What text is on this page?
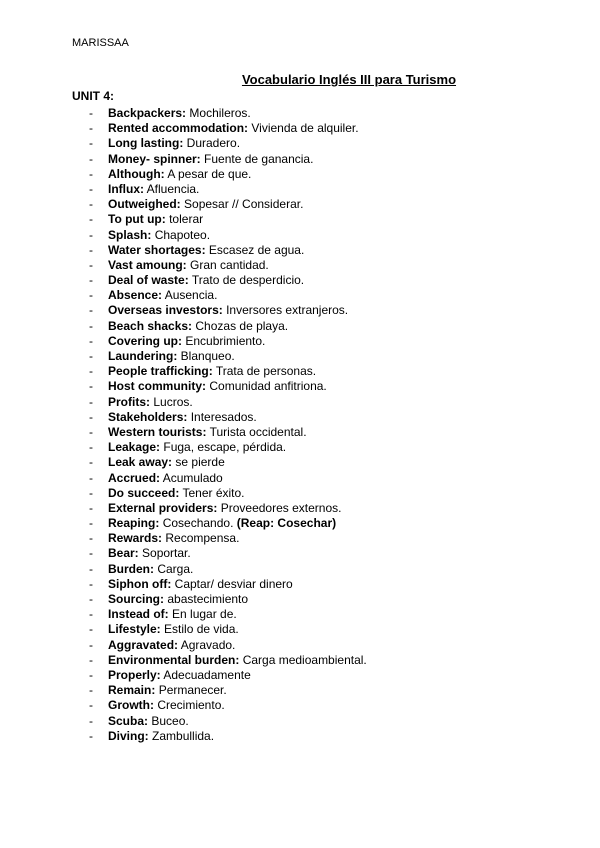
MARISSAA
Vocabulario Inglés III para Turismo
UNIT 4:
- Backpackers: Mochileros.
- Rented accommodation: Vivienda de alquiler.
- Long lasting: Duradero.
- Money- spinner: Fuente de ganancia.
- Although: A pesar de que.
- Influx: Afluencia.
- Outweighed: Sopesar // Considerar.
- To put up: tolerar
- Splash: Chapoteo.
- Water shortages: Escasez de agua.
- Vast amoung: Gran cantidad.
- Deal of waste: Trato de desperdicio.
- Absence: Ausencia.
- Overseas investors: Inversores extranjeros.
- Beach shacks: Chozas de playa.
- Covering up: Encubrimiento.
- Laundering: Blanqueo.
- People trafficking: Trata de personas.
- Host community: Comunidad anfitriona.
- Profits: Lucros.
- Stakeholders: Interesados.
- Western tourists: Turista occidental.
- Leakage: Fuga, escape, pérdida.
- Leak away: se pierde
- Accrued: Acumulado
- Do succeed: Tener éxito.
- External providers: Proveedores externos.
- Reaping: Cosechando. (Reap: Cosechar)
- Rewards: Recompensa.
- Bear: Soportar.
- Burden: Carga.
- Siphon off: Captar/ desviar dinero
- Sourcing: abastecimiento
- Instead of: En lugar de.
- Lifestyle: Estilo de vida.
- Aggravated: Agravado.
- Environmental burden: Carga medioambiental.
- Properly: Adecuadamente
- Remain: Permanecer.
- Growth: Crecimiento.
- Scuba: Buceo.
- Diving: Zambullida.
